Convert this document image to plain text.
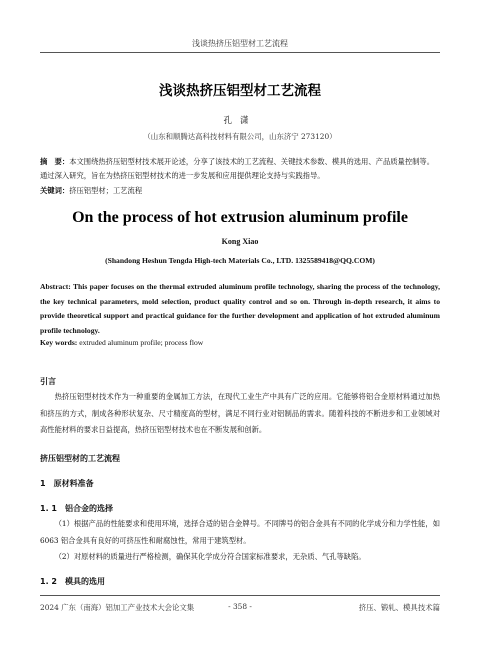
浅谈热挤压铝型材工艺流程
浅谈热挤压铝型材工艺流程
孔潇
（山东和顺腾达高科技材料有限公司，山东济宁 273120）

摘　要：本文围绕热挤压铝型材技术展开论述，分享了该技术的工艺流程、关键技术参数、模具的选用、产品质量控制等。通过深入研究，旨在为热挤压铝型材技术的进一步发展和应用提供理论支持与实践指导。

关键词：挤压铝型材；工艺流程

On the process of hot extrusion aluminum profile
Kong Xiao
(Shandong Heshun Tengda High-tech Materials Co., LTD. 1325589418@QQ.COM)

Abstract: This paper focuses on the thermal extruded aluminum profile technology, sharing the process of the technology, the key technical parameters, mold selection, product quality control and so on. Through in-depth research, it aims to provide theoretical support and practical guidance for the further development and application of hot extruded aluminum profile technology.

Key words: extruded aluminum profile; process flow

引言

热挤压铝型材技术作为一种重要的金属加工方法，在现代工业生产中具有广泛的应用。它能够将铝合金原材料通过加热和挤压的方式，制成各种形状复杂、尺寸精度高的型材，满足不同行业对铝制品的需求。随着科技的不断进步和工业领域对高性能材料的要求日益提高，热挤压铝型材技术也在不断发展和创新。

挤压铝型材的工艺流程
1　原材料准备
1. 1　铝合金的选择

（1）根据产品的性能要求和使用环境，选择合适的铝合金牌号。不同牌号的铝合金具有不同的化学成分和力学性能，如 6063 铝合金具有良好的可挤压性和耐腐蚀性，常用于建筑型材。

（2）对原材料的质量进行严格检测，确保其化学成分符合国家标准要求，无杂质、气孔等缺陷。

1. 2　模具的选用
2024 广东（南海）铝加工产业技术大会论文集	- 358 -	挤压、锻轧、模具技术篇
